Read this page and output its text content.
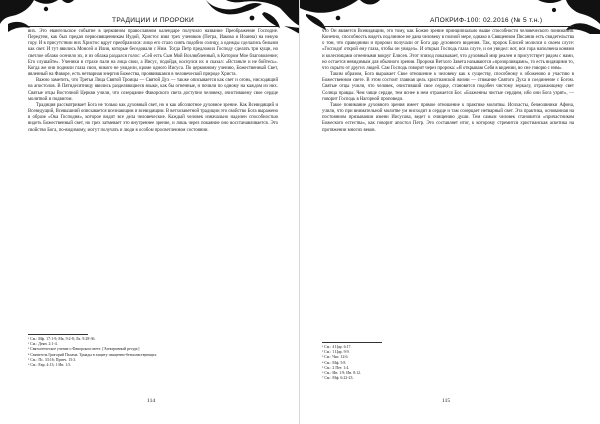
ТРАДИЦИИ И ПРОРОКИ

вих. Это евангельское событие в церковном православном календаре получило название Преображение Господне. Передтем, как был предан первосвященникам Иудой, Христос взял трех учеников (Петра, Иакова и Иоанна) на некую гору. И в присутствии них Христос вдруг преобразился: лицо его стало сиять подобно солнцу, а одежды сделались белыми как свет. И тут явились Моисей и Илия, которые беседовали с Ним. Тогда Петр предложил Господу сделать три кущи, но светлое облако осенило их, и из облака раздался голос: «Сей есть Сын Мой Возлюбленный, в Котором Мое благоволение; Его слушайте». Ученики в страхе пали на лица свои, а Иисус, подойдя, коснулся их и сказал: «Встаньте и не бойтесь». Когда же они подняли глаза свои, никого не увидели, кроме одного Иисуса. По церковному учению, Божественный Свет, явленный на Фаворе, есть нетварная энергия Божества, проявившаяся в человеческой природе Христа.

Важно заметить, что Третья Лица Святой Троицы — Святой Дух — также описывается как свет и огонь, нисходящий на апостолов. В Пятидесятницу явились разделяющиеся языки, как бы огненные, и почили по одному на каждом из них. Святые отцы Восточной Церкви учили, что созерцание Фаворского света доступно человеку, очистившему свое сердце молитвой и подвигом.

Традиция рассматривает Бога не только как духовный свет, но и как абсолютное духовное зрение. Как Всевидящий и Всеведущий, Всевышний описывается всезнающим и всевидящим. В ветхозаветной традиции это свойство Бога выражено в образе «Ока Господня», которое видит все дела человеческие. Каждый человек изначально наделен способностью видеть Божественный свет, но грех затмевает это внутреннее зрение, и лишь через покаяние оно восстанавливается. Это свойство Бога, по-видимому, могут получать и люди в особом просветленном состоянии.

¹ См.: Мф. 17:1-9; Мк. 9:2-8; Лк. 9:28-36.
² См.: Деян. 2:1-4.
³ Святоотеческое учение о Фаворском свете. [Электронный ресурс]
⁴ Святитель Григорий Палама. Триады в защиту священно-безмолвствующих.
⁵ См.: Пс. 33:16; Притч. 15:3.
⁶ См.: Евр. 4:13; 1 Ин. 1:5.
114
АПОКРИФ-100: 02.2016 (№ 5 т.н.)

что Он является Всевидящим, это тому, как Божие зрение принципиально выше способности человеческого понимания. Конечно, способность видеть подлинное не дана человеку в полной мере, однако в Священном Писании есть свидетельства о том, что праведники и пророки получали от Бога дар духовного видения. Так, пророк Елисей молился о своем слуге: «Господи! открой ему глаза, чтобы он увидел». И открыл Господь глаза слуге, и он увидел: вот, вся гора наполнена конями и колесницами огненными вокруг Елисея. Этот эпизод показывает, что духовный мир реален и присутствует рядом с нами, но остается невидимым для обычного зрения. Пророки Ветхого Завета называются «прозорливцами», то есть видящими то, что скрыто от других людей. Сам Господь говорит через пророка: «Я открываю Себя в видении, во сне говорю с ним».

Таким образом, Бога выражает Свое отношение к человеку как к существу, способному к обожению и участию в Божественном свете. В этом состоит главная цель христианской жизни — стяжание Святого Духа и соединение с Богом. Святые отцы учили, что человек, очистивший свое сердце, становится подобен чистому зеркалу, отражающему свет Солнца правды. Чем чище сердце, тем яснее в нем отражается Бог. «Блаженны чистые сердцем, ибо они Бога узрят», — говорит Господь в Нагорной проповеди.

Такое понимание духовного зрения имеет прямое отношение к практике молитвы. Исихасты, безмолвники Афона, учили, что при внимательной молитве ум нисходит в сердце и там созерцает нетварный свет. Эта практика, основанная на постоянном призывании имени Иисусова, ведет к очищению души. Тем самым человек становится «причастником Божеского естества», как говорит апостол Петр. Это составляет итог, к которому стремится христианская аскетика на протяжении многих веков.

¹ См.: 4 Цар. 6:17.
² См.: 1 Цар. 9:9.
³ См.: Чис. 12:6.
⁴ См.: Мф. 5:8.
⁵ См.: 2 Пет. 1:4.
⁶ См.: Ин. 1:9; Ин. 8:12.
⁷ См.: Мф. 6:22-23.
115
